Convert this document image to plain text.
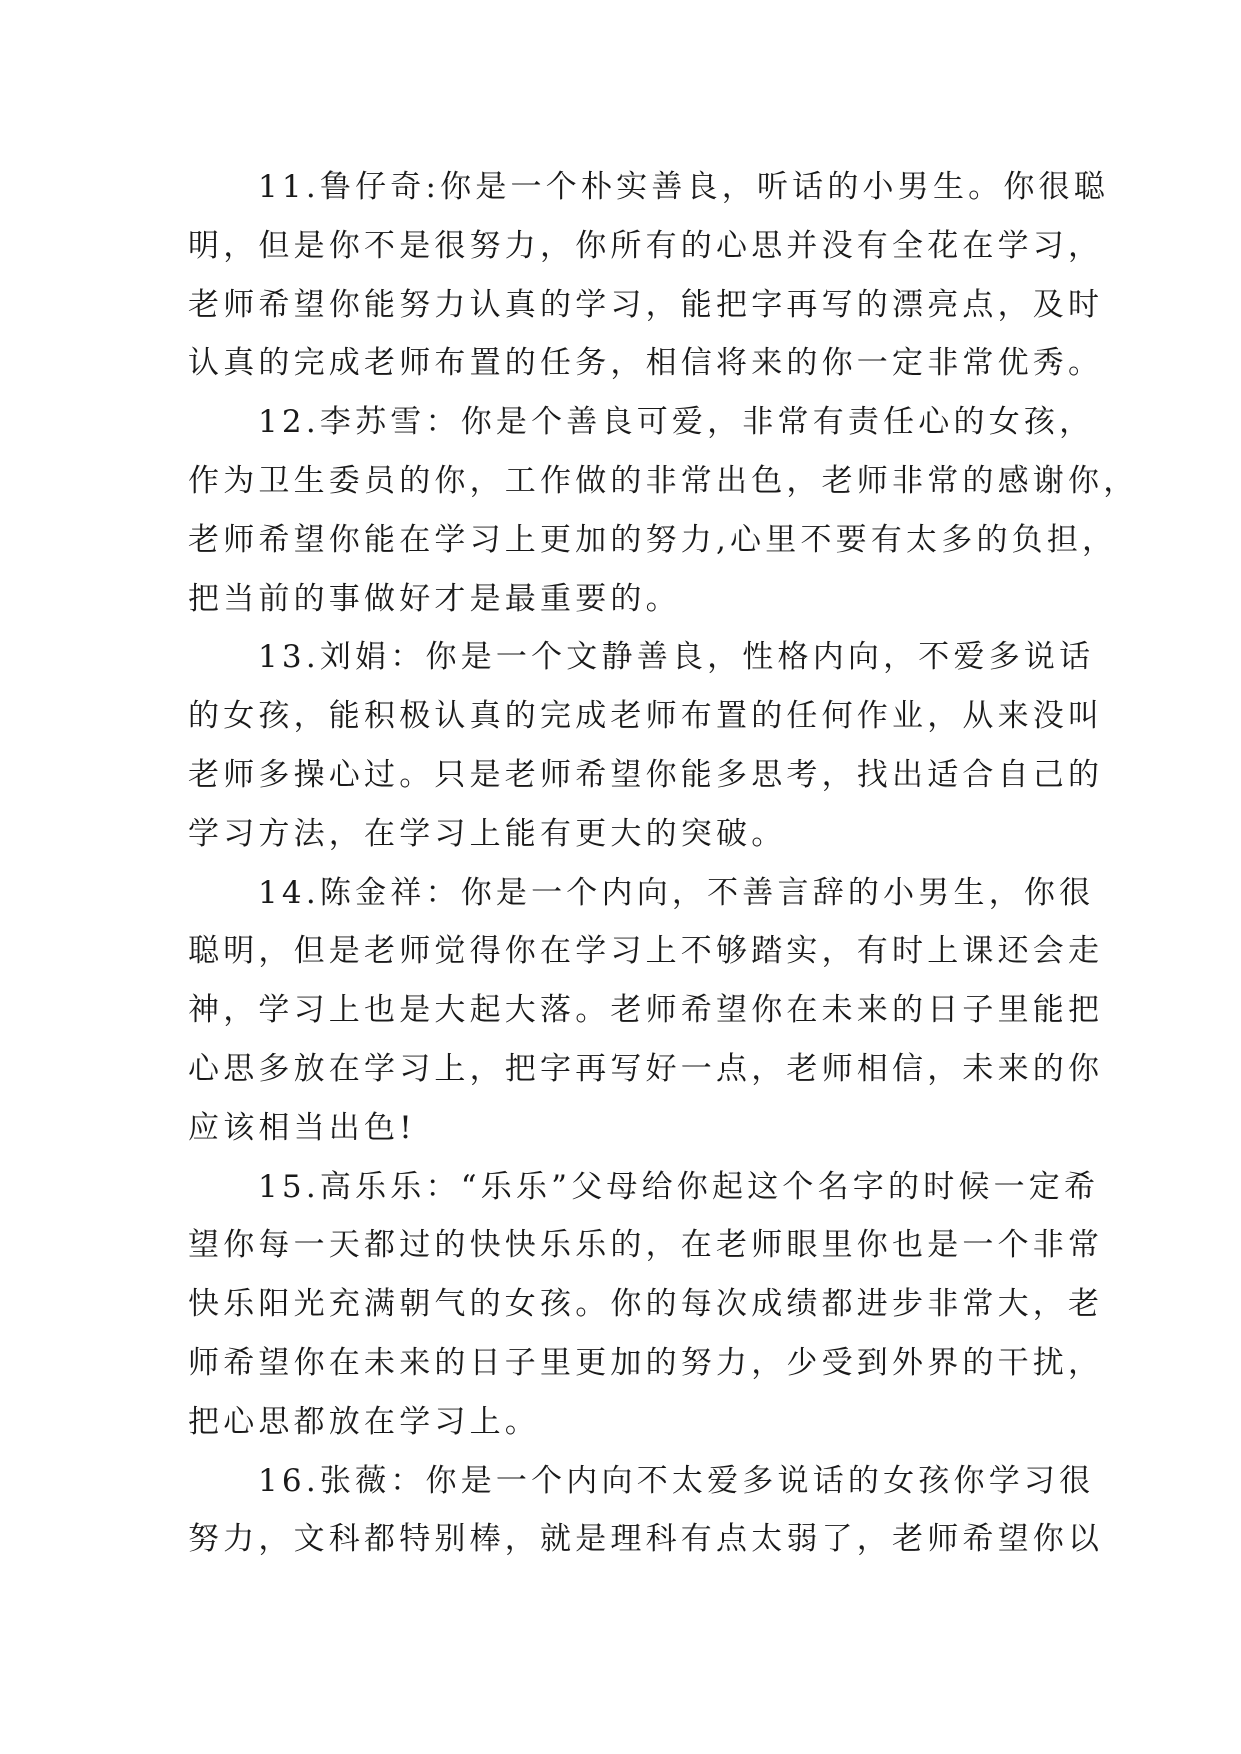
11.鲁仔奇:你是一个朴实善良，听话的小男生。你很聪
明，但是你不是很努力，你所有的心思并没有全花在学习，
老师希望你能努力认真的学习，能把字再写的漂亮点，及时
认真的完成老师布置的任务，相信将来的你一定非常优秀。
12.李苏雪：你是个善良可爱，非常有责任心的女孩，
作为卫生委员的你，工作做的非常出色，老师非常的感谢你，
老师希望你能在学习上更加的努力,心里不要有太多的负担，
把当前的事做好才是最重要的。
13.刘娟：你是一个文静善良，性格内向，不爱多说话
的女孩，能积极认真的完成老师布置的任何作业，从来没叫
老师多操心过。只是老师希望你能多思考，找出适合自己的
学习方法，在学习上能有更大的突破。
14.陈金祥：你是一个内向，不善言辞的小男生，你很
聪明，但是老师觉得你在学习上不够踏实，有时上课还会走
神，学习上也是大起大落。老师希望你在未来的日子里能把
心思多放在学习上，把字再写好一点，老师相信，未来的你
应该相当出色!
15.高乐乐：“乐乐”父母给你起这个名字的时候一定希
望你每一天都过的快快乐乐的，在老师眼里你也是一个非常
快乐阳光充满朝气的女孩。你的每次成绩都进步非常大，老
师希望你在未来的日子里更加的努力，少受到外界的干扰，
把心思都放在学习上。
16.张薇：你是一个内向不太爱多说话的女孩你学习很
努力，文科都特别棒，就是理科有点太弱了，老师希望你以
